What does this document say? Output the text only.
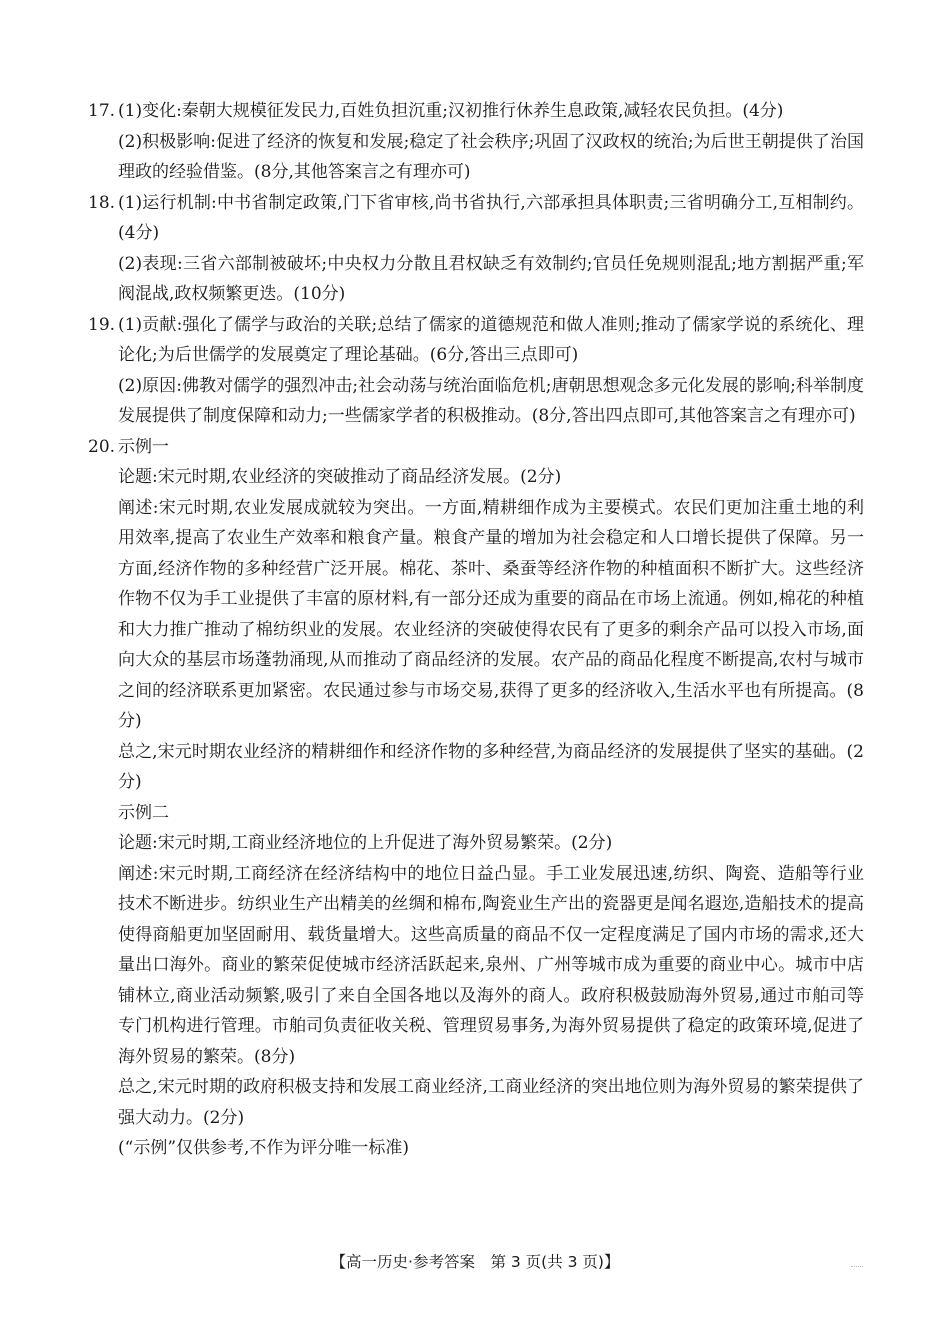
17. (1)变化:秦朝大规模征发民力,百姓负担沉重;汉初推行休养生息政策,减轻农民负担。(4分)

(2)积极影响:促进了经济的恢复和发展;稳定了社会秩序;巩固了汉政权的统治;为后世王朝提供了治国理政的经验借鉴。(8分,其他答案言之有理亦可)

18. (1)运行机制:中书省制定政策,门下省审核,尚书省执行,六部承担具体职责;三省明确分工,互相制约。(4分)

(2)表现:三省六部制被破坏;中央权力分散且君权缺乏有效制约;官员任免规则混乱;地方割据严重;军阀混战,政权频繁更迭。(10分)

19. (1)贡献:强化了儒学与政治的关联;总结了儒家的道德规范和做人准则;推动了儒家学说的系统化、理论化;为后世儒学的发展奠定了理论基础。(6分,答出三点即可)

(2)原因:佛教对儒学的强烈冲击;社会动荡与统治面临危机;唐朝思想观念多元化发展的影响;科举制度发展提供了制度保障和动力;一些儒家学者的积极推动。(8分,答出四点即可,其他答案言之有理亦可)

20. 示例一

论题:宋元时期,农业经济的突破推动了商品经济发展。(2分)

阐述:宋元时期,农业发展成就较为突出。一方面,精耕细作成为主要模式。农民们更加注重土地的利用效率,提高了农业生产效率和粮食产量。粮食产量的增加为社会稳定和人口增长提供了保障。另一方面,经济作物的多种经营广泛开展。棉花、茶叶、桑蚕等经济作物的种植面积不断扩大。这些经济作物不仅为手工业提供了丰富的原材料,有一部分还成为重要的商品在市场上流通。例如,棉花的种植和大力推广推动了棉纺织业的发展。农业经济的突破使得农民有了更多的剩余产品可以投入市场,面向大众的基层市场蓬勃涌现,从而推动了商品经济的发展。农产品的商品化程度不断提高,农村与城市之间的经济联系更加紧密。农民通过参与市场交易,获得了更多的经济收入,生活水平也有所提高。(8分)

总之,宋元时期农业经济的精耕细作和经济作物的多种经营,为商品经济的发展提供了坚实的基础。(2分)

示例二

论题:宋元时期,工商业经济地位的上升促进了海外贸易繁荣。(2分)

阐述:宋元时期,工商经济在经济结构中的地位日益凸显。手工业发展迅速,纺织、陶瓷、造船等行业技术不断进步。纺织业生产出精美的丝绸和棉布,陶瓷业生产出的瓷器更是闻名遐迩,造船技术的提高使得商船更加坚固耐用、载货量增大。这些高质量的商品不仅一定程度满足了国内市场的需求,还大量出口海外。商业的繁荣促使城市经济活跃起来,泉州、广州等城市成为重要的商业中心。城市中店铺林立,商业活动频繁,吸引了来自全国各地以及海外的商人。政府积极鼓励海外贸易,通过市舶司等专门机构进行管理。市舶司负责征收关税、管理贸易事务,为海外贸易提供了稳定的政策环境,促进了海外贸易的繁荣。(8分)

总之,宋元时期的政府积极支持和发展工商业经济,工商业经济的突出地位则为海外贸易的繁荣提供了强大动力。(2分)

(“示例”仅供参考,不作为评分唯一标准)

【高一历史·参考答案　第 3 页(共 3 页)】
